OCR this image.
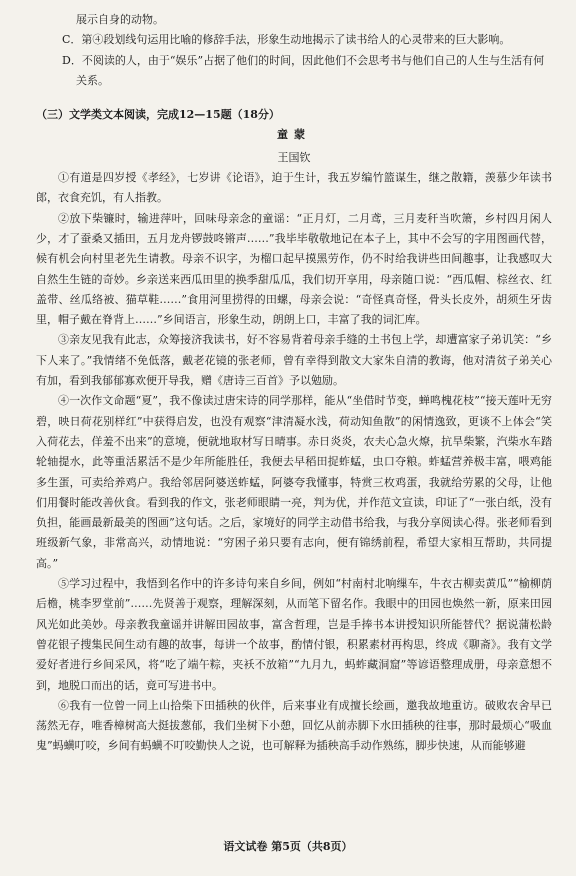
展示自身的动物。

C．第④段划线句运用比喻的修辞手法，形象生动地揭示了读书给人的心灵带来的巨大影响。

D．不阅读的人，由于“娱乐”占据了他们的时间，因此他们不会思考书与他们自己的人生与生活有何关系。

（三）文学类文本阅读，完成12—15题（18分）
童蒙
王国钦

①有道是四岁授《孝经》，七岁讲《论语》，迫于生计，我五岁编竹篮谋生，继之散籍，羡慕少年读书郎，衣食充饥，有人指教。

②放下柴镰时，输进萍叶，回味母亲念的童谣：“正月灯，二月鸢，三月麦秆当吹箫，乡村四月闲人少，才了蚕桑又插田，五月龙舟锣鼓咚锵声……”我毕毕敬敬地记在本子上，其中不会写的字用图画代替，候有机会向村里老先生请教。母亲不识字，为榴口起早摸黑劳作，仍不时给我讲些田间趣事，让我感叹大自然生生链的奇妙。乡亲送来西瓜田里的换季甜瓜瓜，我们切开享用，母亲随口说：“西瓜帽、棕丝衣、红盖带、丝瓜络被、猫草鞋……”食用河里捞得的田螺，母亲会说：“奇怪真奇怪，骨头长皮外，胡须生牙齿里，帽子戴在脊背上……”乡间语言，形象生动，朗朗上口，丰富了我的词汇库。

③亲友见我有此志，众筹接济我读书，好不容易背着母亲手缝的土书包上学，却遭富家子弟讥笑：“乡下人来了。”我情绪不免低落，戴老花镜的张老师，曾有幸得到散文大家朱自清的教诲，他对清贫子弟关心有加，看到我郁郁寡欢便开导我，赠《唐诗三百首》予以勉励。

④一次作文命题“夏”，我不像读过唐宋诗的同学那样，能从“坐借时节变，蝉鸣槐花枝”“接天莲叶无穷碧，映日荷花别样红”中获得启发，也没有观察“津清凝水浅，荷动知鱼散”的闲情逸致，更谈不上体会“笑入荷花去，佯羞不出来”的意境，便就地取材写日晴事。赤日炎炎，农夫心急火燎，抗旱柴繁，汽柴水车踏轮轴提水，此等重活累活不是少年所能胜任，我便去早稻田捉蚱蜢，虫口夺粮。蚱蜢营养极丰富，喂鸡能多生蛋，可卖给养鸡户。我给邻居阿婆送蚱蜢，阿婆夸我懂事，特赏三枚鸡蛋，我就给劳累的父母，让他们用餐时能改善伙食。看到我的作文，张老师眼睛一亮，判为优，并作范文宣读，印证了“一张白纸，没有负担，能画最新最美的图画”这句话。之后，家境好的同学主动借书给我，与我分享阅读心得。张老师看到班级新气象，非常高兴，动情地说：“穷困子弟只要有志向，便有锦绣前程，希望大家相互帮助，共同提高。”

⑤学习过程中，我悟到名作中的许多诗句来自乡间，例如“村南村北响缫车，牛衣古柳卖黄瓜”“榆柳荫后檐，桃李罗堂前”……先贤善于观察，理解深刻，从而笔下留名作。我眼中的田园也焕然一新，原来田园风光如此美妙。母亲教我童谣并讲解田园故事，富含哲理，岂是手捧书本讲授知识所能替代？据说蒲松龄曾花银子搜集民间生动有趣的故事，每讲一个故事，酌情付银，积累素材再构思，终成《聊斋》。我有文学爱好者进行乡间采风，将“吃了端午粽，夹袄不放箱”“九月九，蚂蚱藏洞窟”等谚语整理成册，母亲意想不到，地脱口而出的话，竟可写进书中。

⑥我有一位曾一同上山拾柴下田插秧的伙伴，后来事业有成擅长绘画，邀我故地重访。破败农舍早已荡然无存，唯香樟树高大挺拔葱郁，我们坐树下小憩，回忆从前赤脚下水田插秧的往事，那时最烦心“吸血鬼”蚂蟥叮咬，乡间有蚂蟥不叮咬勤快人之说，也可解释为插秧高手动作熟练，脚步快速，从而能够避

语文试卷 第5页（共8页）
